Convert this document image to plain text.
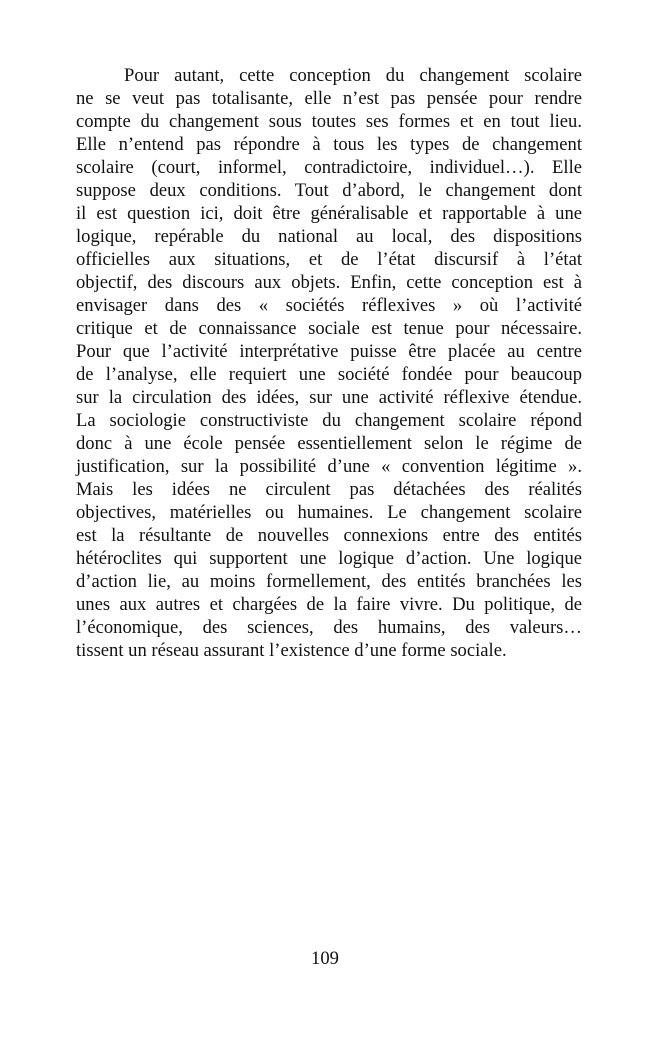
Pour autant, cette conception du changement scolaire
ne se veut pas totalisante, elle n’est pas pensée pour rendre
compte du changement sous toutes ses formes et en tout lieu.
Elle n’entend pas répondre à tous les types de changement
scolaire (court, informel, contradictoire, individuel…). Elle
suppose deux conditions. Tout d’abord, le changement dont
il est question ici, doit être généralisable et rapportable à une
logique, repérable du national au local, des dispositions
officielles aux situations, et de l’état discursif à l’état
objectif, des discours aux objets. Enfin, cette conception est à
envisager dans des « sociétés réflexives » où l’activité
critique et de connaissance sociale est tenue pour nécessaire.
Pour que l’activité interprétative puisse être placée au centre
de l’analyse, elle requiert une société fondée pour beaucoup
sur la circulation des idées, sur une activité réflexive étendue.
La sociologie constructiviste du changement scolaire répond
donc à une école pensée essentiellement selon le régime de
justification, sur la possibilité d’une « convention légitime ».
Mais les idées ne circulent pas détachées des réalités
objectives, matérielles ou humaines. Le changement scolaire
est la résultante de nouvelles connexions entre des entités
hétéroclites qui supportent une logique d’action. Une logique
d’action lie, au moins formellement, des entités branchées les
unes aux autres et chargées de la faire vivre. Du politique, de
l’économique, des sciences, des humains, des valeurs…
tissent un réseau assurant l’existence d’une forme sociale.
109
